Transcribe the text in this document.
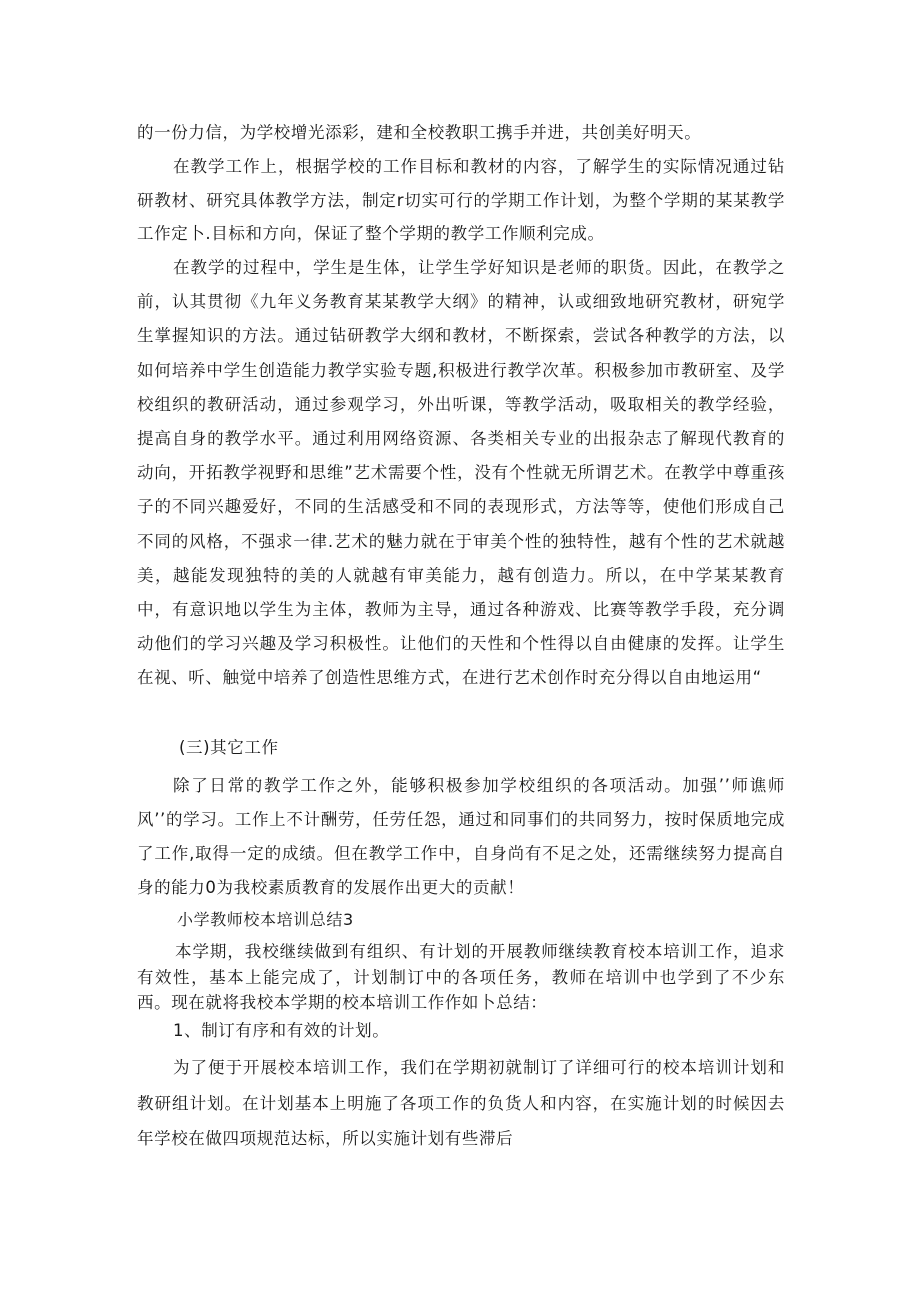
的一份力信，为学校增光添彩，建和全校教职工携手并进，共创美好明天。

在教学工作上，根据学校的工作目标和教材的内容，了解学生的实际情况通过钻研教材、研究具体教学方法，制定r切实可行的学期工作计划，为整个学期的某某教学工作定卜.目标和方向，保证了整个学期的教学工作顺利完成。

在教学的过程中，学生是生体，让学生学好知识是老师的职货。因此，在教学之前，认其贯彻《九年义务教育某某教学大纲》的精神，认或细致地研究教材，研宛学生掌握知识的方法。通过钻研教学大纲和教材，不断探索，尝试各种教学的方法，以如何培养中学生创造能力教学实验专题,积极进行教学次革。积极参加市教研室、及学校组织的教研活动，通过参观学习，外出听课，等教学活动，吸取相关的教学经验，提高自身的教学水平。通过利用网络资源、各类相关专业的出报杂志了解现代教育的动向，开拓教学视野和思维”艺术需要个性，没有个性就无所谓艺术。在教学中尊重孩子的不同兴趣爱好，不同的生活感受和不同的表现形式，方法等等，使他们形成自己不同的风格，不强求一律.艺术的魅力就在于审美个性的独特性，越有个性的艺术就越美，越能发现独特的美的人就越有审美能力，越有创造力。所以，在中学某某教育中，有意识地以学生为主体，教师为主导，通过各种游戏、比赛等教学手段，充分调动他们的学习兴趣及学习积极性。让他们的天性和个性得以自由健康的发挥。让学生在视、听、触觉中培养了创造性思维方式，在进行艺术创作时充分得以自由地运用“

(三)其它工作

除了日常的教学工作之外，能够积极参加学校组织的各项活动。加强’’师谯师风’’的学习。工作上不计酬劳，任劳任怨，通过和同事们的共同努力，按时保质地完成了工作,取得一定的成绩。但在教学工作中，自身尚有不足之处，还需继续努力提高自身的能力0为我校素质教育的发展作出更大的贡献！

小学教师校本培训总结3

本学期，我校继续做到有组织、有计划的开展教师继续教育校本培训工作，追求有效性，基本上能完成了，计划制订中的各项任务，教师在培训中也学到了不少东西。现在就将我校本学期的校本培训工作作如卜总结：

1、制订有序和有效的计划。

为了便于开展校本培训工作，我们在学期初就制订了详细可行的校本培训计划和教研组计划。在计划基本上明施了各项工作的负货人和内容，在实施计划的时候因去年学校在做四项规范达标，所以实施计划有些滞后
